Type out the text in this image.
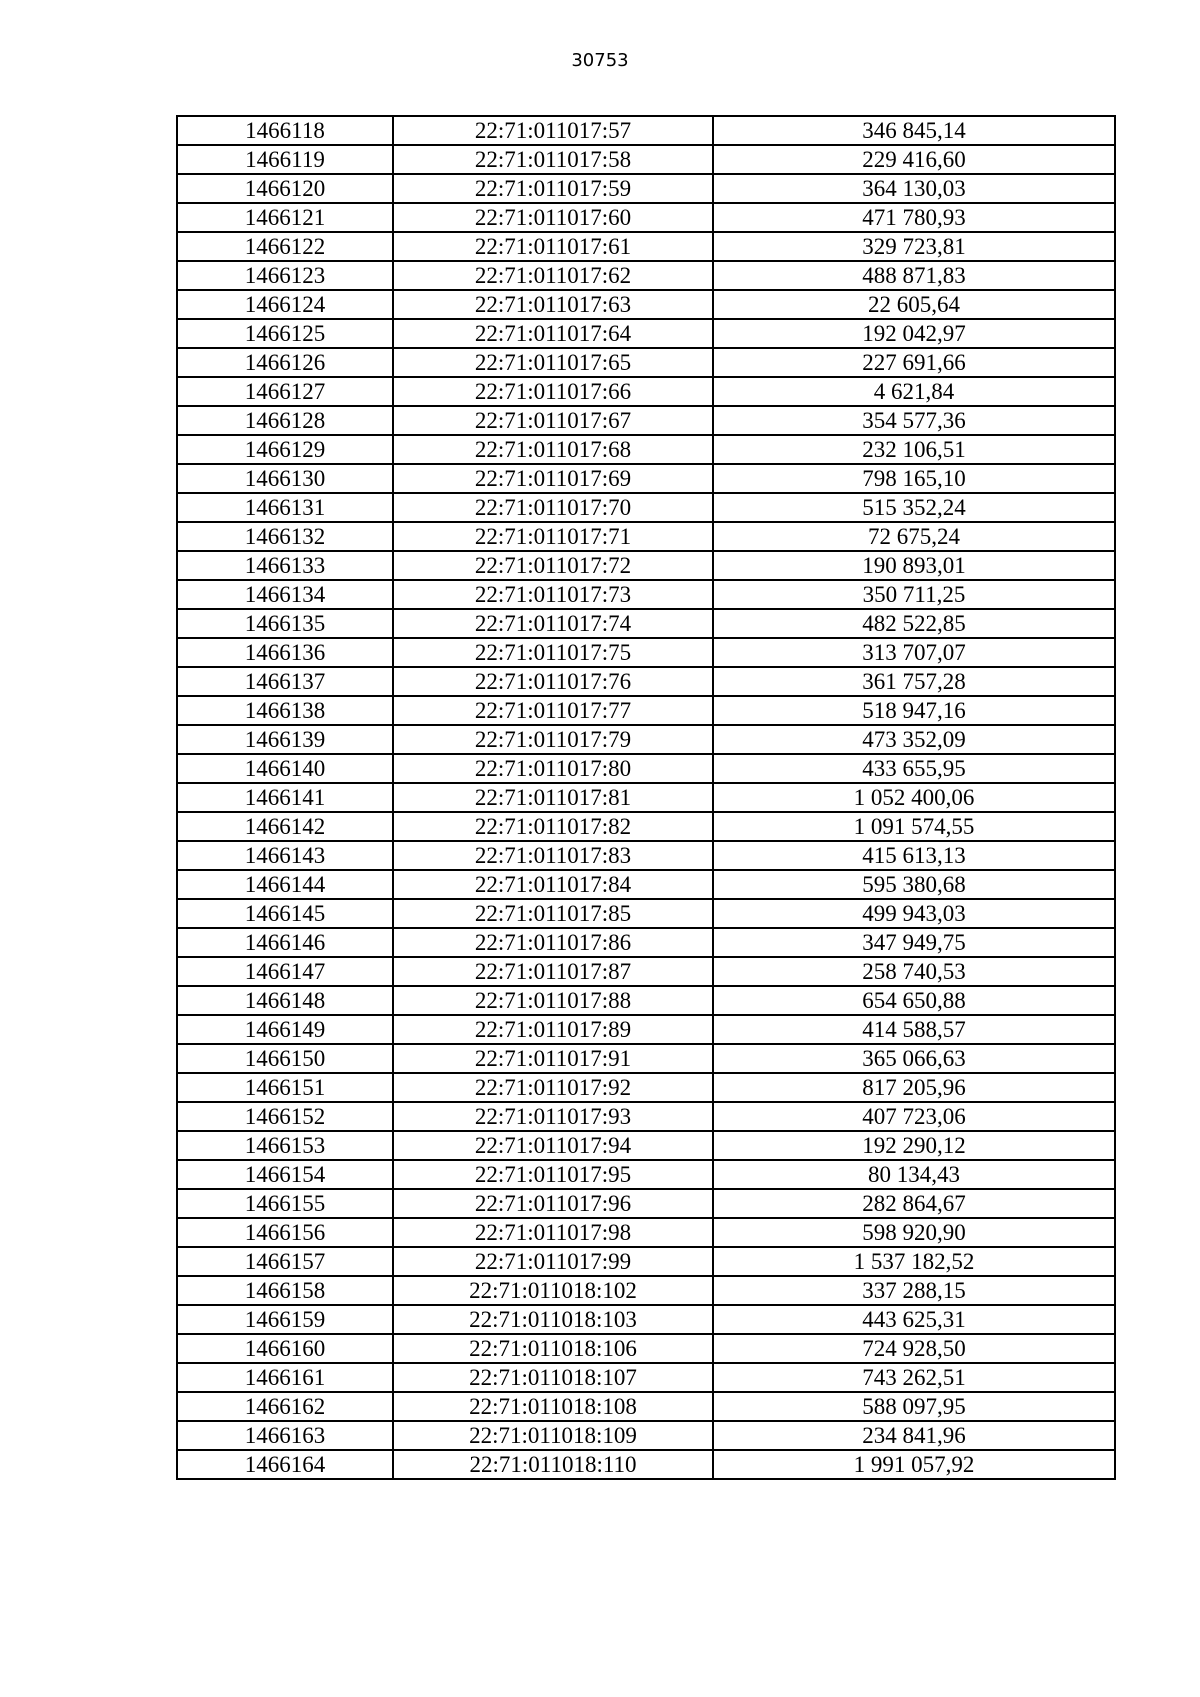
30753
1466118	22:71:011017:57	346 845,14
1466119	22:71:011017:58	229 416,60
1466120	22:71:011017:59	364 130,03
1466121	22:71:011017:60	471 780,93
1466122	22:71:011017:61	329 723,81
1466123	22:71:011017:62	488 871,83
1466124	22:71:011017:63	22 605,64
1466125	22:71:011017:64	192 042,97
1466126	22:71:011017:65	227 691,66
1466127	22:71:011017:66	4 621,84
1466128	22:71:011017:67	354 577,36
1466129	22:71:011017:68	232 106,51
1466130	22:71:011017:69	798 165,10
1466131	22:71:011017:70	515 352,24
1466132	22:71:011017:71	72 675,24
1466133	22:71:011017:72	190 893,01
1466134	22:71:011017:73	350 711,25
1466135	22:71:011017:74	482 522,85
1466136	22:71:011017:75	313 707,07
1466137	22:71:011017:76	361 757,28
1466138	22:71:011017:77	518 947,16
1466139	22:71:011017:79	473 352,09
1466140	22:71:011017:80	433 655,95
1466141	22:71:011017:81	1 052 400,06
1466142	22:71:011017:82	1 091 574,55
1466143	22:71:011017:83	415 613,13
1466144	22:71:011017:84	595 380,68
1466145	22:71:011017:85	499 943,03
1466146	22:71:011017:86	347 949,75
1466147	22:71:011017:87	258 740,53
1466148	22:71:011017:88	654 650,88
1466149	22:71:011017:89	414 588,57
1466150	22:71:011017:91	365 066,63
1466151	22:71:011017:92	817 205,96
1466152	22:71:011017:93	407 723,06
1466153	22:71:011017:94	192 290,12
1466154	22:71:011017:95	80 134,43
1466155	22:71:011017:96	282 864,67
1466156	22:71:011017:98	598 920,90
1466157	22:71:011017:99	1 537 182,52
1466158	22:71:011018:102	337 288,15
1466159	22:71:011018:103	443 625,31
1466160	22:71:011018:106	724 928,50
1466161	22:71:011018:107	743 262,51
1466162	22:71:011018:108	588 097,95
1466163	22:71:011018:109	234 841,96
1466164	22:71:011018:110	1 991 057,92
